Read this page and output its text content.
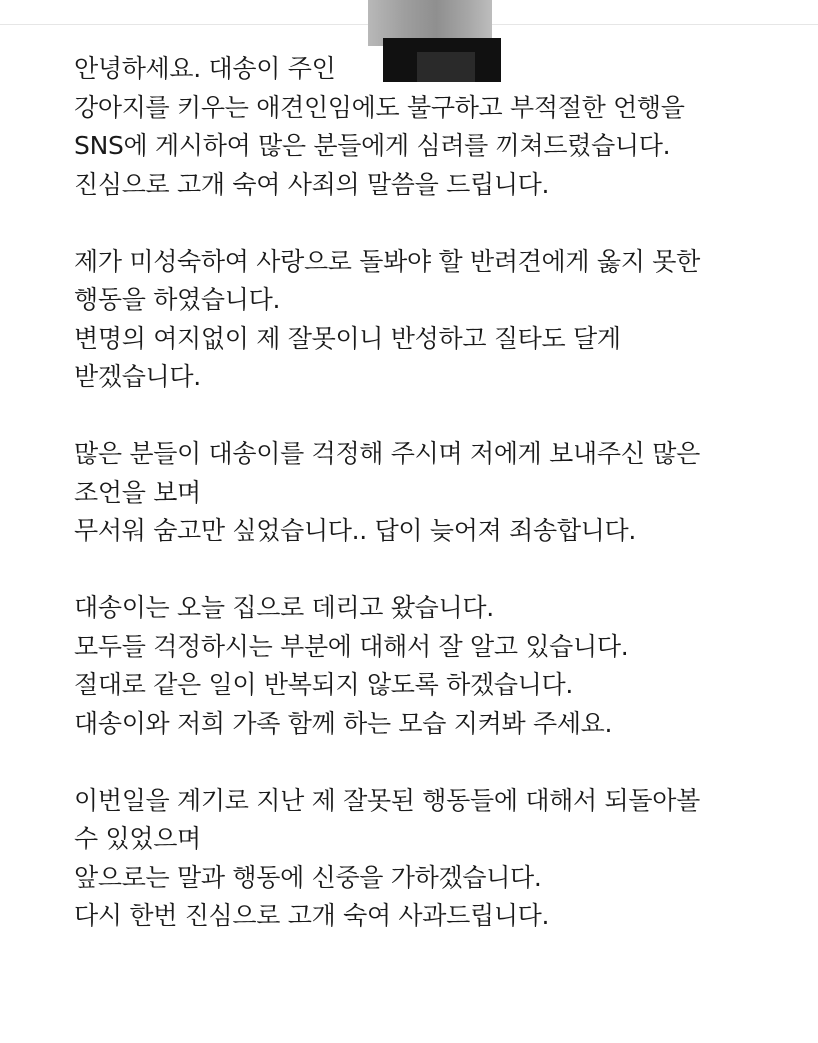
안녕하세요. 대송이 주인
강아지를 키우는 애견인임에도 불구하고 부적절한 언행을
SNS에 게시하여 많은 분들에게 심려를 끼쳐드렸습니다.
진심으로 고개 숙여 사죄의 말씀을 드립니다.
제가 미성숙하여 사랑으로 돌봐야 할 반려견에게 옳지 못한
행동을 하였습니다.
변명의 여지없이 제 잘못이니 반성하고 질타도 달게
받겠습니다.
많은 분들이 대송이를 걱정해 주시며 저에게 보내주신 많은
조언을 보며
무서워 숨고만 싶었습니다.. 답이 늦어져 죄송합니다.
대송이는 오늘 집으로 데리고 왔습니다.
모두들 걱정하시는 부분에 대해서 잘 알고 있습니다.
절대로 같은 일이 반복되지 않도록 하겠습니다.
대송이와 저희 가족 함께 하는 모습 지켜봐 주세요.
이번일을 계기로 지난 제 잘못된 행동들에 대해서 되돌아볼
수 있었으며
앞으로는 말과 행동에 신중을 가하겠습니다.
다시 한번 진심으로 고개 숙여 사과드립니다.
